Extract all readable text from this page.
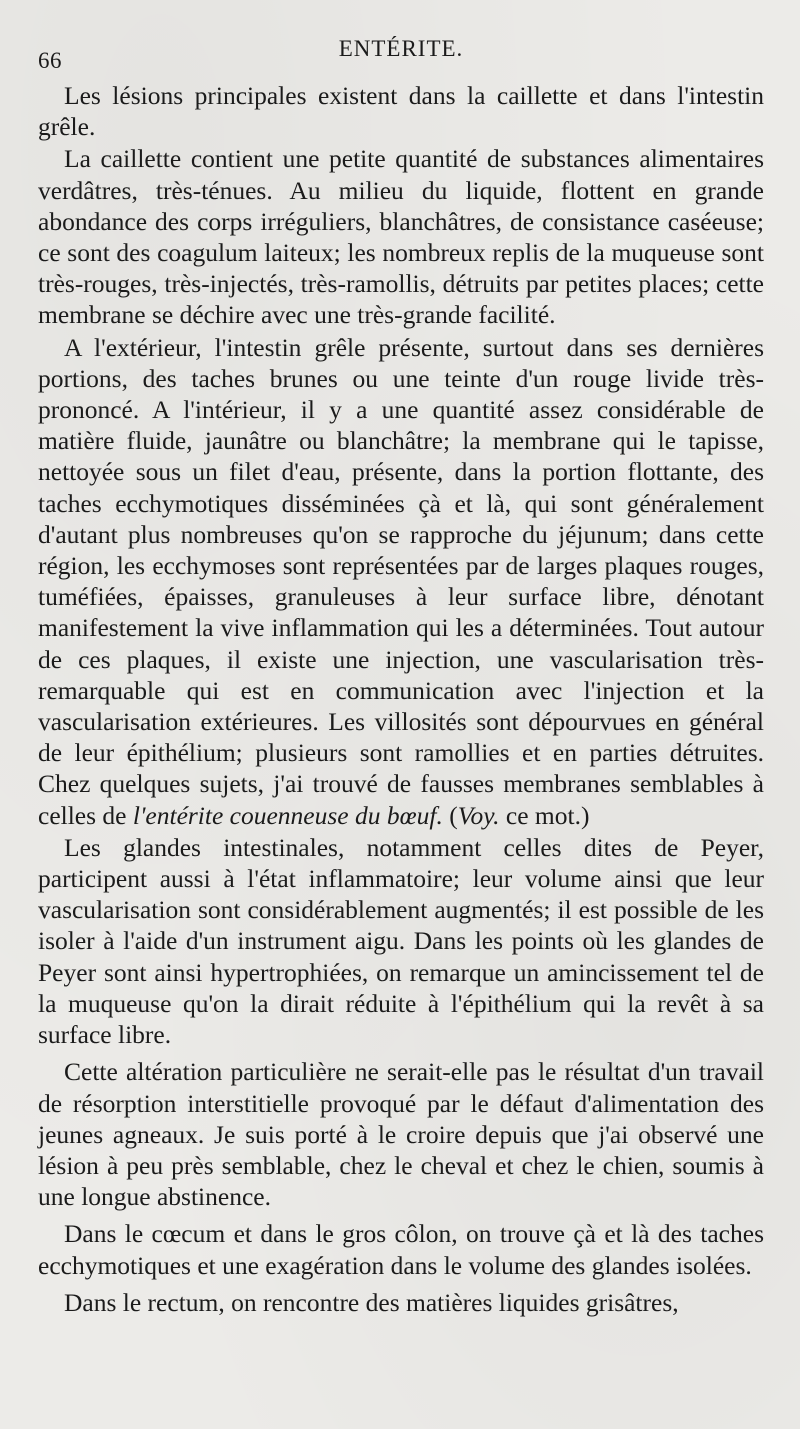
66	ENTÉRITE.

Les lésions principales existent dans la caillette et dans l'intestin grêle.

La caillette contient une petite quantité de substances alimentaires verdâtres, très-ténues. Au milieu du liquide, flottent en grande abondance des corps irréguliers, blanchâtres, de consistance caséeuse; ce sont des coagulum laiteux; les nombreux replis de la muqueuse sont très-rouges, très-injectés, très-ramollis, détruits par petites places; cette membrane se déchire avec une très-grande facilité.

A l'extérieur, l'intestin grêle présente, surtout dans ses dernières portions, des taches brunes ou une teinte d'un rouge livide très-prononcé. A l'intérieur, il y a une quantité assez considérable de matière fluide, jaunâtre ou blanchâtre; la membrane qui le tapisse, nettoyée sous un filet d'eau, présente, dans la portion flottante, des taches ecchymotiques disséminées çà et là, qui sont généralement d'autant plus nombreuses qu'on se rapproche du jéjunum; dans cette région, les ecchymoses sont représentées par de larges plaques rouges, tuméfiées, épaisses, granuleuses à leur surface libre, dénotant manifestement la vive inflammation qui les a déterminées. Tout autour de ces plaques, il existe une injection, une vascularisation très-remarquable qui est en communication avec l'injection et la vascularisation extérieures. Les villosités sont dépourvues en général de leur épithélium; plusieurs sont ramollies et en parties détruites. Chez quelques sujets, j'ai trouvé de fausses membranes semblables à celles de l'entérite couenneuse du bœuf. (Voy. ce mot.)

Les glandes intestinales, notamment celles dites de Peyer, participent aussi à l'état inflammatoire; leur volume ainsi que leur vascularisation sont considérablement augmentés; il est possible de les isoler à l'aide d'un instrument aigu. Dans les points où les glandes de Peyer sont ainsi hypertrophiées, on remarque un amincissement tel de la muqueuse qu'on la dirait réduite à l'épithélium qui la revêt à sa surface libre.

Cette altération particulière ne serait-elle pas le résultat d'un travail de résorption interstitielle provoqué par le défaut d'alimentation des jeunes agneaux. Je suis porté à le croire depuis que j'ai observé une lésion à peu près semblable, chez le cheval et chez le chien, soumis à une longue abstinence.

Dans le cœcum et dans le gros côlon, on trouve çà et là des taches ecchymotiques et une exagération dans le volume des glandes isolées.

Dans le rectum, on rencontre des matières liquides grisâtres,
